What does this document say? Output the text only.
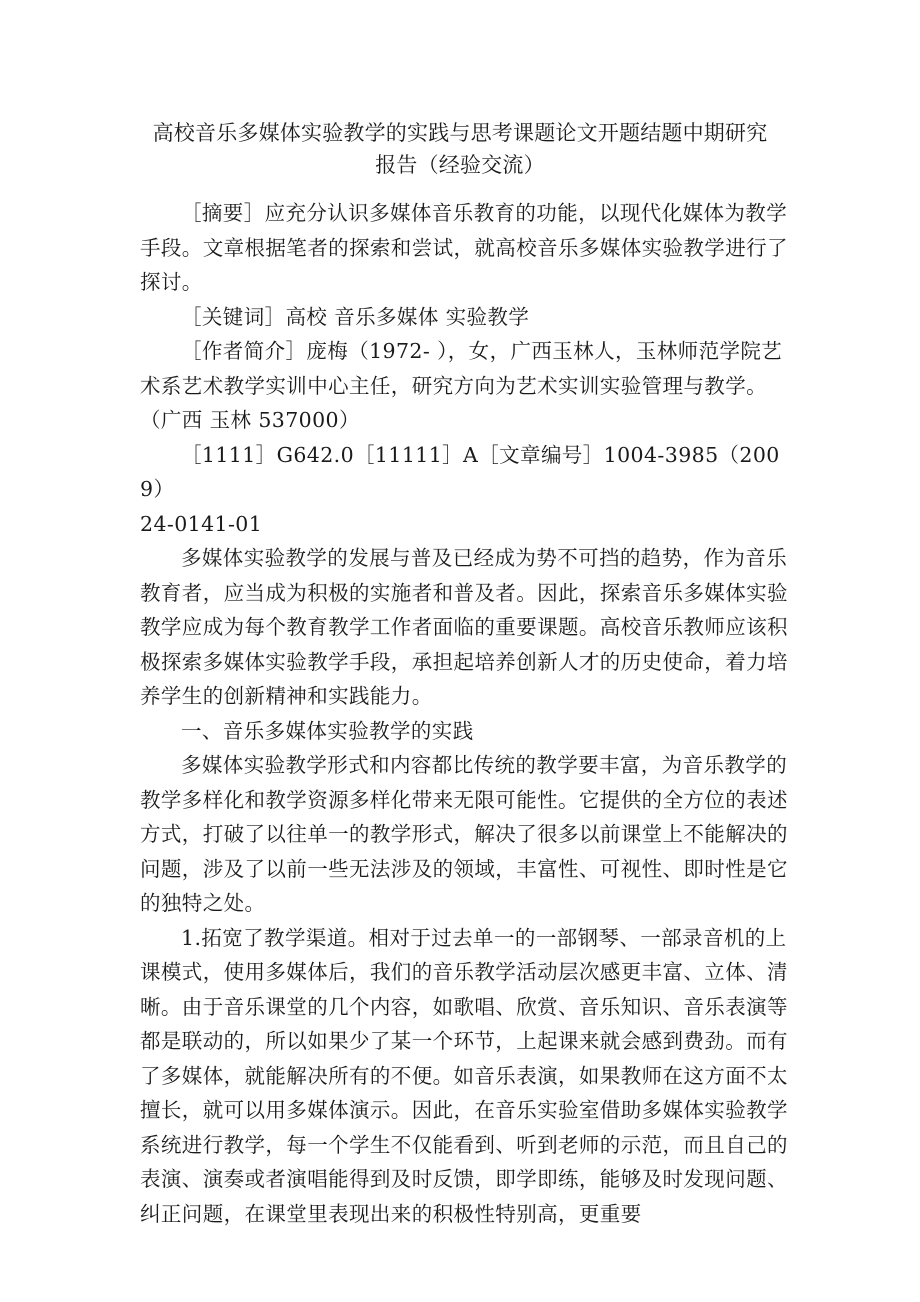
高校音乐多媒体实验教学的实践与思考课题论文开题结题中期研究
报告（经验交流）

［摘要］应充分认识多媒体音乐教育的功能，以现代化媒体为教学手段。文章根据笔者的探索和尝试，就高校音乐多媒体实验教学进行了探讨。

［关键词］高校 音乐多媒体 实验教学

［作者简介］庞梅（1972- ），女，广西玉林人，玉林师范学院艺术系艺术教学实训中心主任，研究方向为艺术实训实验管理与教学。（广西 玉林 537000）

［1111］G642.0［11111］A［文章编号］1004-3985（2009）

24-0141-01

多媒体实验教学的发展与普及已经成为势不可挡的趋势，作为音乐教育者，应当成为积极的实施者和普及者。因此，探索音乐多媒体实验教学应成为每个教育教学工作者面临的重要课题。高校音乐教师应该积极探索多媒体实验教学手段，承担起培养创新人才的历史使命，着力培养学生的创新精神和实践能力。

一、音乐多媒体实验教学的实践

多媒体实验教学形式和内容都比传统的教学要丰富，为音乐教学的教学多样化和教学资源多样化带来无限可能性。它提供的全方位的表述方式，打破了以往单一的教学形式，解决了很多以前课堂上不能解决的问题，涉及了以前一些无法涉及的领域，丰富性、可视性、即时性是它的独特之处。

1.拓宽了教学渠道。相对于过去单一的一部钢琴、一部录音机的上课模式，使用多媒体后，我们的音乐教学活动层次感更丰富、立体、清晰。由于音乐课堂的几个内容，如歌唱、欣赏、音乐知识、音乐表演等都是联动的，所以如果少了某一个环节，上起课来就会感到费劲。而有了多媒体，就能解决所有的不便。如音乐表演，如果教师在这方面不太擅长，就可以用多媒体演示。因此，在音乐实验室借助多媒体实验教学系统进行教学，每一个学生不仅能看到、听到老师的示范，而且自己的表演、演奏或者演唱能得到及时反馈，即学即练，能够及时发现问题、纠正问题，在课堂里表现出来的积极性特别高，更重要
